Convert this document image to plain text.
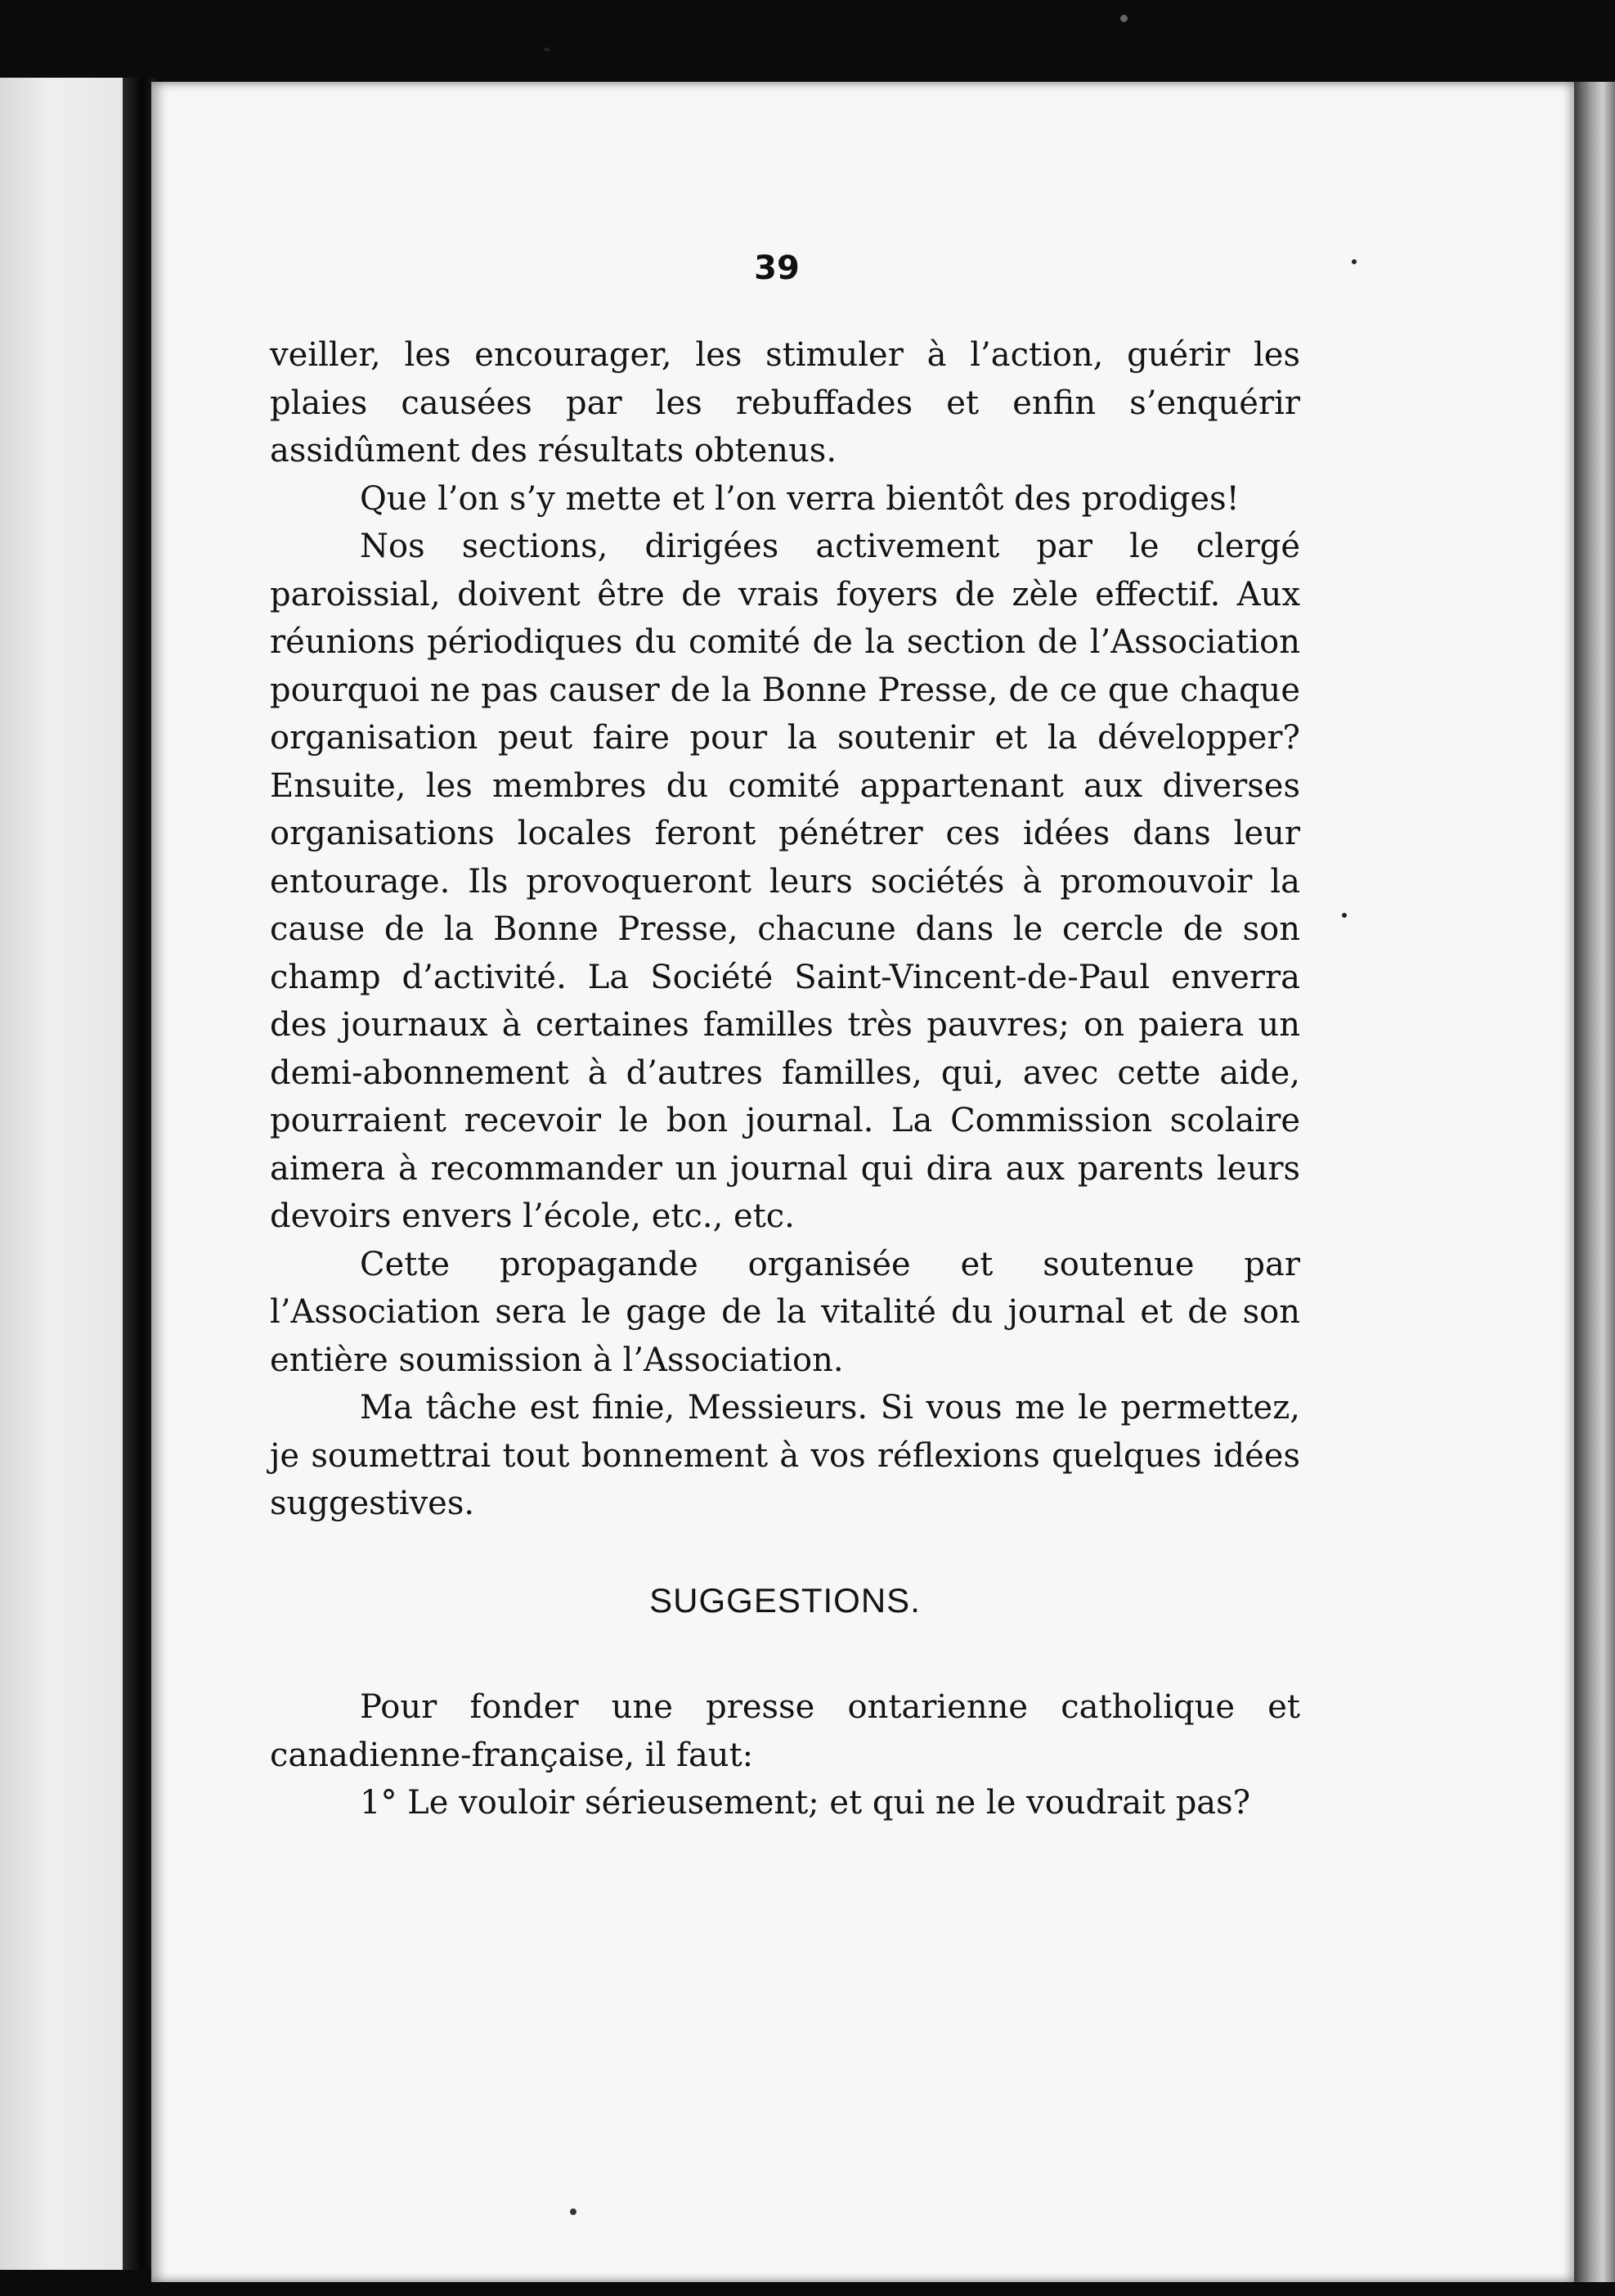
39

veiller, les encourager, les stimuler à l’action, guérir les plaies causées par les rebuffades et enfin s’enquérir assidûment des résultats obtenus.

Que l’on s’y mette et l’on verra bientôt des prodiges!

Nos sections, dirigées activement par le clergé paroissial, doivent être de vrais foyers de zèle effectif. Aux réunions périodiques du comité de la section de l’Association pourquoi ne pas causer de la Bonne Presse, de ce que chaque organisation peut faire pour la soutenir et la développer? Ensuite, les membres du comité appartenant aux diverses organisations locales feront pénétrer ces idées dans leur entourage. Ils provoqueront leurs sociétés à promouvoir la cause de la Bonne Presse, chacune dans le cercle de son champ d’activité. La Société Saint-Vincent-de-Paul enverra des journaux à certaines familles très pauvres; on paiera un demi-abonnement à d’autres familles, qui, avec cette aide, pourraient recevoir le bon journal. La Commission scolaire aimera à recommander un journal qui dira aux parents leurs devoirs envers l’école, etc., etc.

Cette propagande organisée et soutenue par l’Association sera le gage de la vitalité du journal et de son entière soumission à l’Association.

Ma tâche est finie, Messieurs. Si vous me le permettez, je soumettrai tout bonnement à vos réflexions quelques idées suggestives.

SUGGESTIONS.

Pour fonder une presse ontarienne catholique et canadienne-française, il faut:

1° Le vouloir sérieusement; et qui ne le voudrait pas?
